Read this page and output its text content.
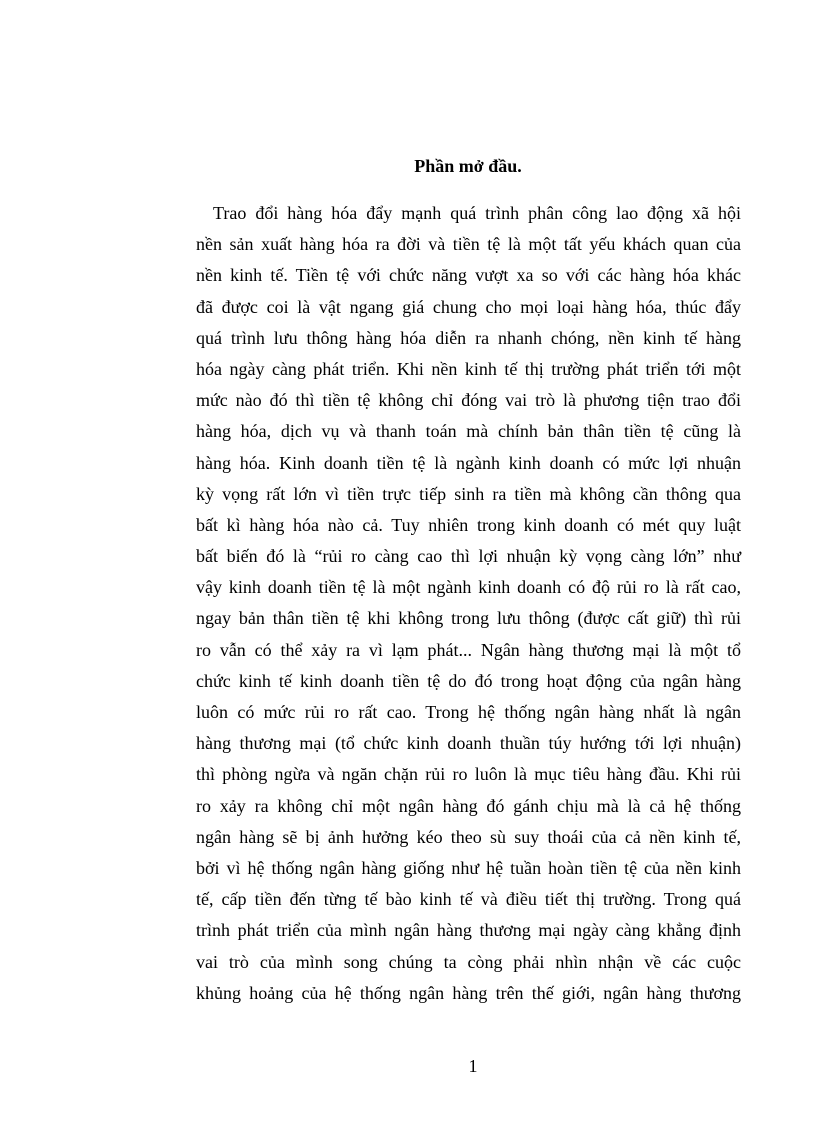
Phần mở đầu.
Trao đổi hàng hóa đẩy mạnh quá trình phân công lao động xã hội
nền sản xuất hàng hóa ra đời và tiền tệ là một tất yếu khách quan của
nền kinh tế. Tiền tệ với chức năng vượt xa so với các hàng hóa khác
đã được coi là vật ngang giá chung cho mọi loại hàng hóa, thúc đẩy
quá trình lưu thông hàng hóa diễn ra nhanh chóng, nền kinh tế hàng
hóa ngày càng phát triển. Khi nền kinh tế thị trường phát triển tới một
mức nào đó thì tiền tệ không chỉ đóng vai trò là phương tiện trao đổi
hàng hóa, dịch vụ và thanh toán mà chính bản thân tiền tệ cũng là
hàng hóa. Kinh doanh tiền tệ là ngành kinh doanh có mức lợi nhuận
kỳ vọng rất lớn vì tiền trực tiếp sinh ra tiền mà không cần thông qua
bất kì hàng hóa nào cả. Tuy nhiên trong kinh doanh có mét quy luật
bất biến đó là “rủi ro càng cao thì lợi nhuận kỳ vọng càng lớn” như
vậy kinh doanh tiền tệ là một ngành kinh doanh có độ rủi ro là rất cao,
ngay bản thân tiền tệ khi không trong lưu thông (được cất giữ) thì rủi
ro vẫn có thể xảy ra vì lạm phát... Ngân hàng thương mại là một tổ
chức kinh tế kinh doanh tiền tệ do đó trong hoạt động của ngân hàng
luôn có mức rủi ro rất cao. Trong hệ thống ngân hàng nhất là ngân
hàng thương mại (tổ chức kinh doanh thuần túy hướng tới lợi nhuận)
thì phòng ngừa và ngăn chặn rủi ro luôn là mục tiêu hàng đầu. Khi rủi
ro xảy ra không chỉ một ngân hàng đó gánh chịu mà là cả hệ thống
ngân hàng sẽ bị ảnh hưởng kéo theo sù suy thoái của cả nền kinh tế,
bởi vì hệ thống ngân hàng giống như hệ tuần hoàn tiền tệ của nền kinh
tế, cấp tiền đến từng tế bào kinh tế và điều tiết thị trường. Trong quá
trình phát triển của mình ngân hàng thương mại ngày càng khẳng định
vai trò của mình song chúng ta còng phải nhìn nhận về các cuộc
khủng hoảng của hệ thống ngân hàng trên thế giới, ngân hàng thương
1
